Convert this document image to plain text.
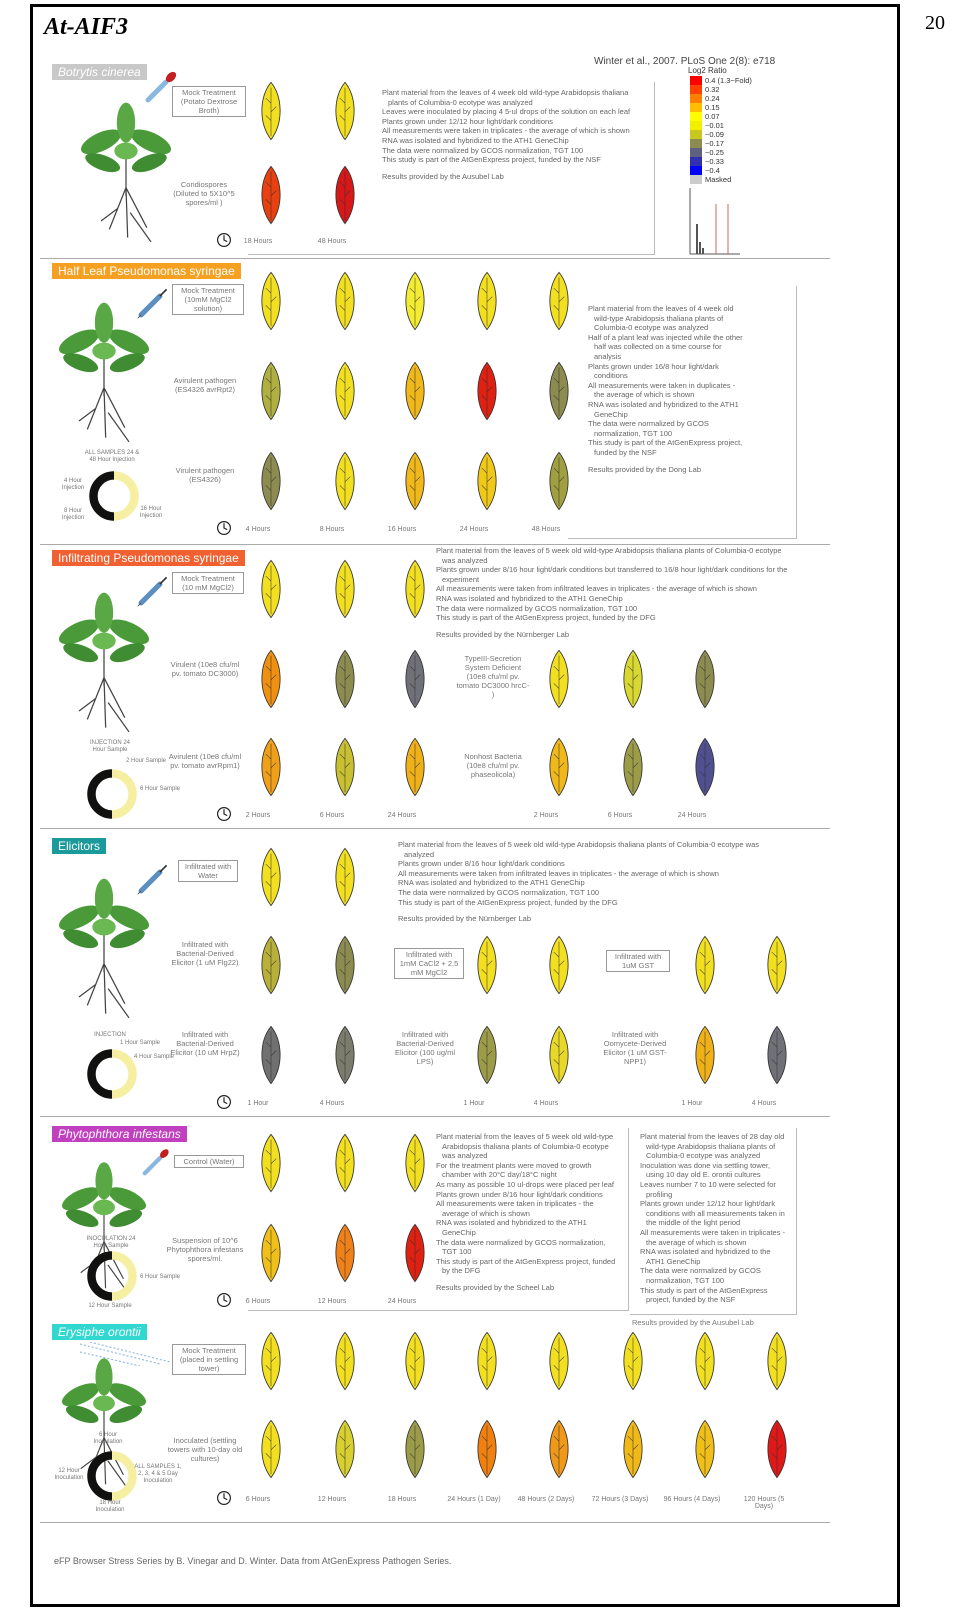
At-AIF3	20
Winter et al., 2007. PLoS One 2(8): e718
Log2 Ratio
0.4 (1.3~Fold)
0.32
0.24
0.15
0.07
~0.01
~0.09
~0.17
~0.25
~0.33
~0.4
Masked
Botrytis cinerea
Mock Treatment (Potato Dextrose Broth)
Condiospores (Diluted to 5X10^5 spores/ml )

Plant material from the leaves of 4 week old wild-type Arabidopsis thaliana plants of Columbia-0 ecotype was analyzed

Leaves were inoculated by placing 4 5-ul drops of the solution on each leaf

Plants grown under 12/12 hour light/dark conditions

All measurements were taken in triplicates - the average of which is shown

RNA was isolated and hybridized to the ATH1 GeneChip

The data were normalized by GCOS normalization, TGT 100

This study is part of the AtGenExpress project, funded by the NSF

Results provided by the Ausubel Lab

18 Hours	48 Hours
Half Leaf Pseudomonas syringae
Mock Treatment (10mM MgCl2 solution)
Avirulent pathogen (ES4326 avrRpt2)
Virulent pathogen (ES4326)
ALL SAMPLES 24 & 48 Hour Injection
4 Hour Injection
8 Hour Injection
16 Hour Injection

Plant material from the leaves of 4 week old wild-type Arabidopsis thaliana plants of Columbia-0 ecotype was analyzed

Half of a plant leaf was injected while the other half was collected on a time course for analysis

Plants grown under 16/8 hour light/dark conditions

All measurements were taken in duplicates - the average of which is shown

RNA was isolated and hybridized to the ATH1 GeneChip

The data were normalized by GCOS normalization, TGT 100

This study is part of the AtGenExpress project, funded by the NSF

Results provided by the Dong Lab

Infiltrating Pseudomonas syringae
Mock Treatment (10 mM MgCl2)
Virulent (10e8 cfu/ml pv. tomato DC3000)
Avirulent (10e8 cfu/ml pv. tomato avrRpm1)
TypeIII-Secretion System Deficient (10e8 cfu/ml pv. tomato DC3000 hrcC- )
Nonhost Bacteria (10e8 cfu/ml pv. phaseolicola)
INJECTION 24 Hour Sample
2 Hour Sample
6 Hour Sample

Plant material from the leaves of 5 week old wild-type Arabidopsis thaliana plants of Columbia-0 ecotype was analyzed

Plants grown under 8/16 hour light/dark conditions but transferred to 16/8 hour light/dark conditions for the experiment

All measurements were taken from infiltrated leaves in triplicates - the average of which is shown

RNA was isolated and hybridized to the ATH1 GeneChip

The data were normalized by GCOS normalization, TGT 100

This study is part of the AtGenExpress project, funded by the DFG

Results provided by the Nürnberger Lab

Elicitors
Infiltrated with Water
Infiltrated with Bacterial-Derived Elicitor (1 uM Flg22)
Infiltrated with 1mM CaCl2 + 2.5 mM MgCl2
Infiltrated with 1uM GST
Infiltrated with Bacterial-Derived Elicitor (10 uM HrpZ)
Infiltrated with Bacterial-Derived Elicitor (100 ug/ml LPS)
Infiltrated with Oomycete-Derived Elicitor (1 uM GST-NPP1)
INJECTION
1 Hour Sample
4 Hour Sample

Plant material from the leaves of 5 week old wild-type Arabidopsis thaliana plants of Columbia-0 ecotype was analyzed

Plants grown under 8/16 hour light/dark conditions

All measurements were taken from infiltrated leaves in triplicates - the average of which is shown

RNA was isolated and hybridized to the ATH1 GeneChip

The data were normalized by GCOS normalization, TGT 100

This study is part of the AtGenExpress project, funded by the DFG

Results provided by the Nürnberger Lab

Phytophthora infestans
Control (Water)
Suspension of 10^6 Phytophthora infestans spores/ml.
INOCULATION 24 Hour Sample
6 Hour Sample
12 Hour Sample

Plant material from the leaves of 5 week old wild-type Arabidopsis thaliana plants of Columbia-0 ecotype was analyzed

For the treatment plants were moved to growth chamber with 20°C day/18°C night

As many as possible 10 ul-drops were placed per leaf

Plants grown under 8/16 hour light/dark conditions

All measurements were taken in triplicates - the average of which is shown

RNA was isolated and hybridized to the ATH1 GeneChip

The data were normalized by GCOS normalization, TGT 100

This study is part of the AtGenExpress project, funded by the DFG

Results provided by the Scheel Lab

Plant material from the leaves of 28 day old wild-type Arabidopsis thaliana plants of Columbia-0 ecotype was analyzed

Inoculation was done via settling tower, using 10 day old E. orontii cultures

Leaves number 7 to 10 were selected for profiling

Plants grown under 12/12 hour light/dark conditions with all measurements taken in the middle of the light period

All measurements were taken in triplicates - the average of which is shown

RNA was isolated and hybridized to the ATH1 GeneChip

The data were normalized by GCOS normalization, TGT 100

This study is part of the AtGenExpress project, funded by the NSF

Erysiphe orontii
Mock Treatment (placed in settling tower)
Inoculated (settling towers with 10-day old cultures)
6 Hour Inoculation
12 Hour Inoculation
18 Hour Inoculation
ALL SAMPLES 1, 2, 3, 4 & 5 Day Inoculation
Results provided by the Ausubel Lab
eFP Browser Stress Series by B. Vinegar and D. Winter. Data from AtGenExpress Pathogen Series.
4 Hours	8 Hours	16 Hours	24 Hours	48 Hours
2 Hours	6 Hours	24 Hours	2 Hours	6 Hours	24 Hours
1 Hour	4 Hours	1 Hour	4 Hours	1 Hour	4 Hours
6 Hours	12 Hours	24 Hours
6 Hours	12 Hours	18 Hours	24 Hours (1 Day)	48 Hours (2 Days) 72 Hours (3 Days) 96 Hours (4 Days)	120 Hours (5 Days)
